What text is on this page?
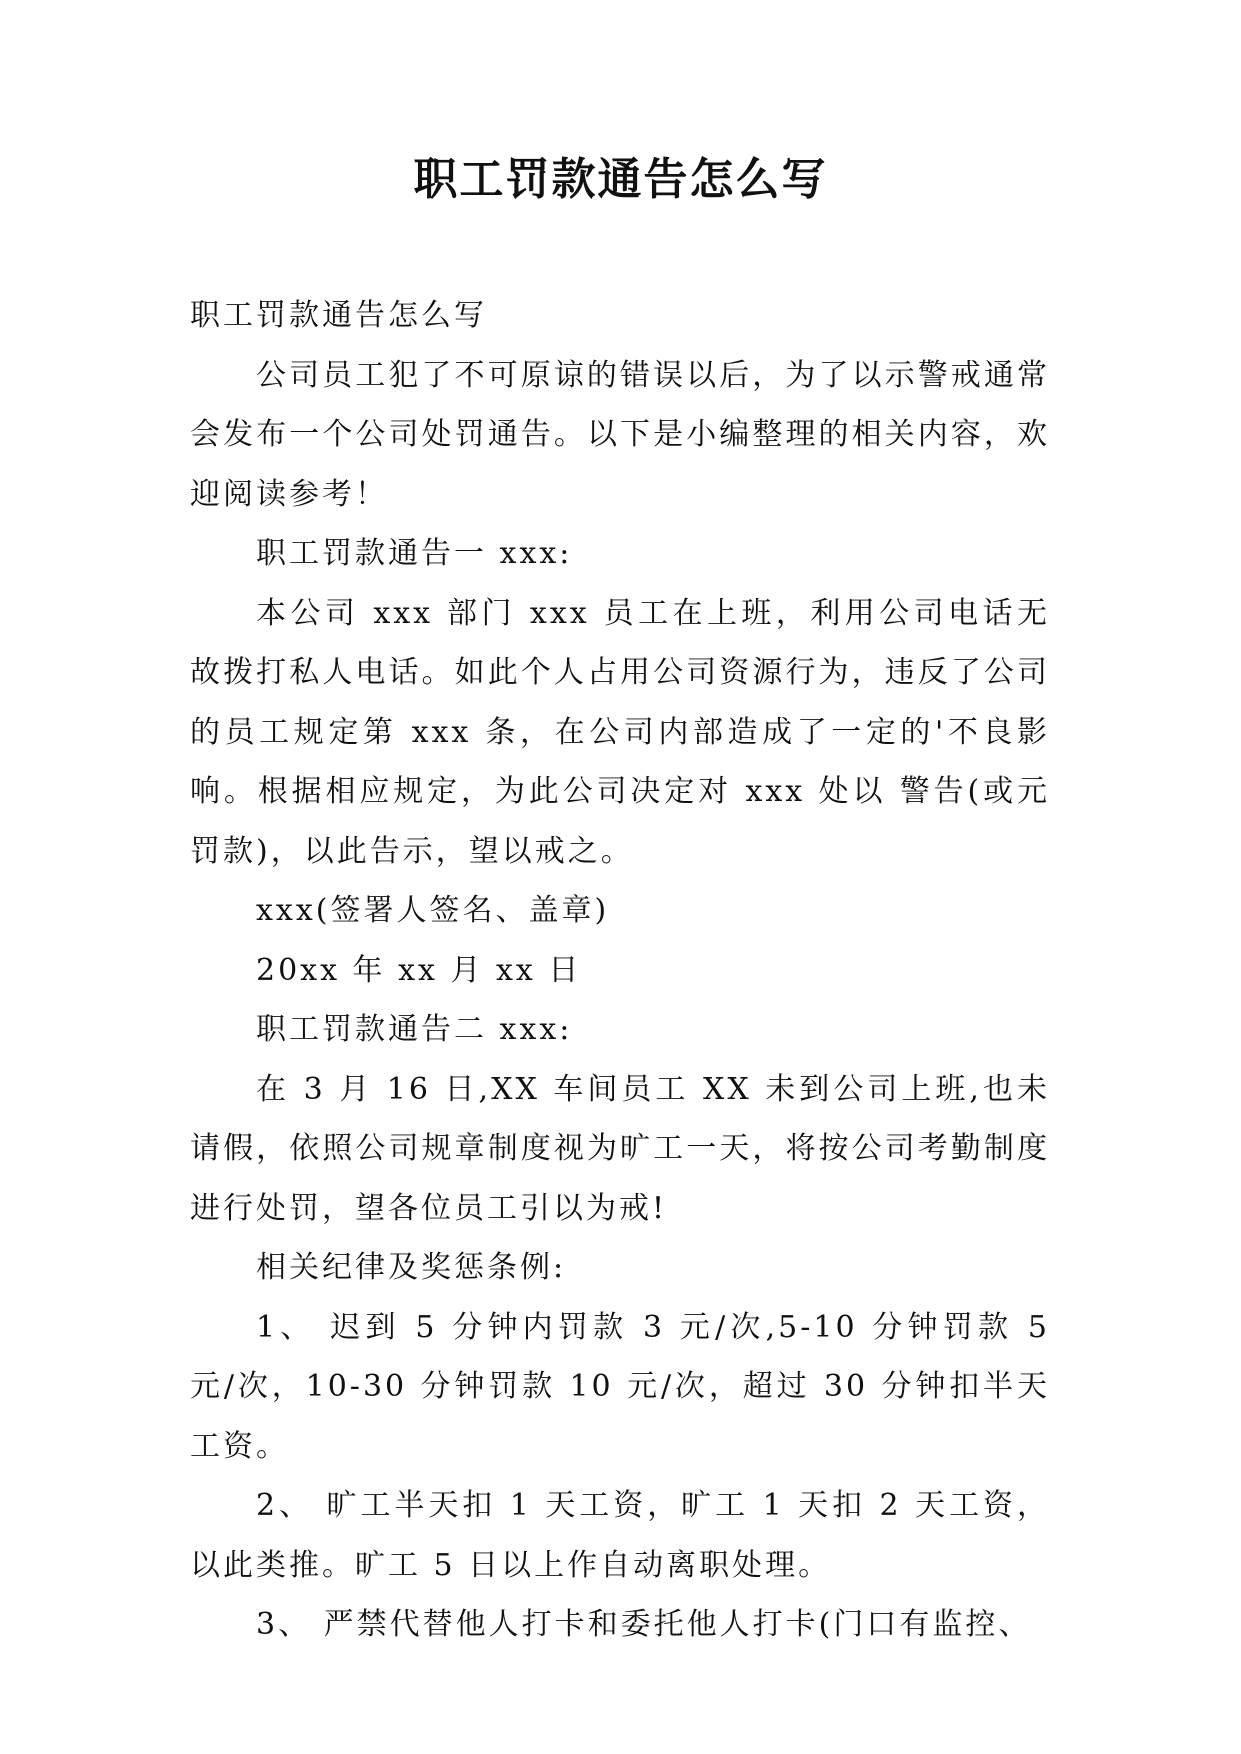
职工罚款通告怎么写

职工罚款通告怎么写

公司员工犯了不可原谅的错误以后，为了以示警戒通常会发布一个公司处罚通告。以下是小编整理的相关内容，欢迎阅读参考！

职工罚款通告一 xxx:

本公司 xxx 部门 xxx 员工在上班，利用公司电话无故拨打私人电话。如此个人占用公司资源行为，违反了公司的员工规定第 xxx 条，在公司内部造成了一定的'不良影响。根据相应规定，为此公司决定对 xxx 处以 警告(或元罚款)，以此告示，望以戒之。

xxx(签署人签名、盖章)

20xx 年 xx 月 xx 日

职工罚款通告二 xxx:

在 3 月 16 日,XX 车间员工 XX 未到公司上班,也未请假，依照公司规章制度视为旷工一天，将按公司考勤制度进行处罚，望各位员工引以为戒!

相关纪律及奖惩条例:

1、 迟到 5 分钟内罚款 3 元/次,5-10 分钟罚款 5 元/次，10-30 分钟罚款 10 元/次，超过 30 分钟扣半天工资。

2、 旷工半天扣 1 天工资，旷工 1 天扣 2 天工资，以此类推。旷工 5 日以上作自动离职处理。

3、 严禁代替他人打卡和委托他人打卡(门口有监控、
